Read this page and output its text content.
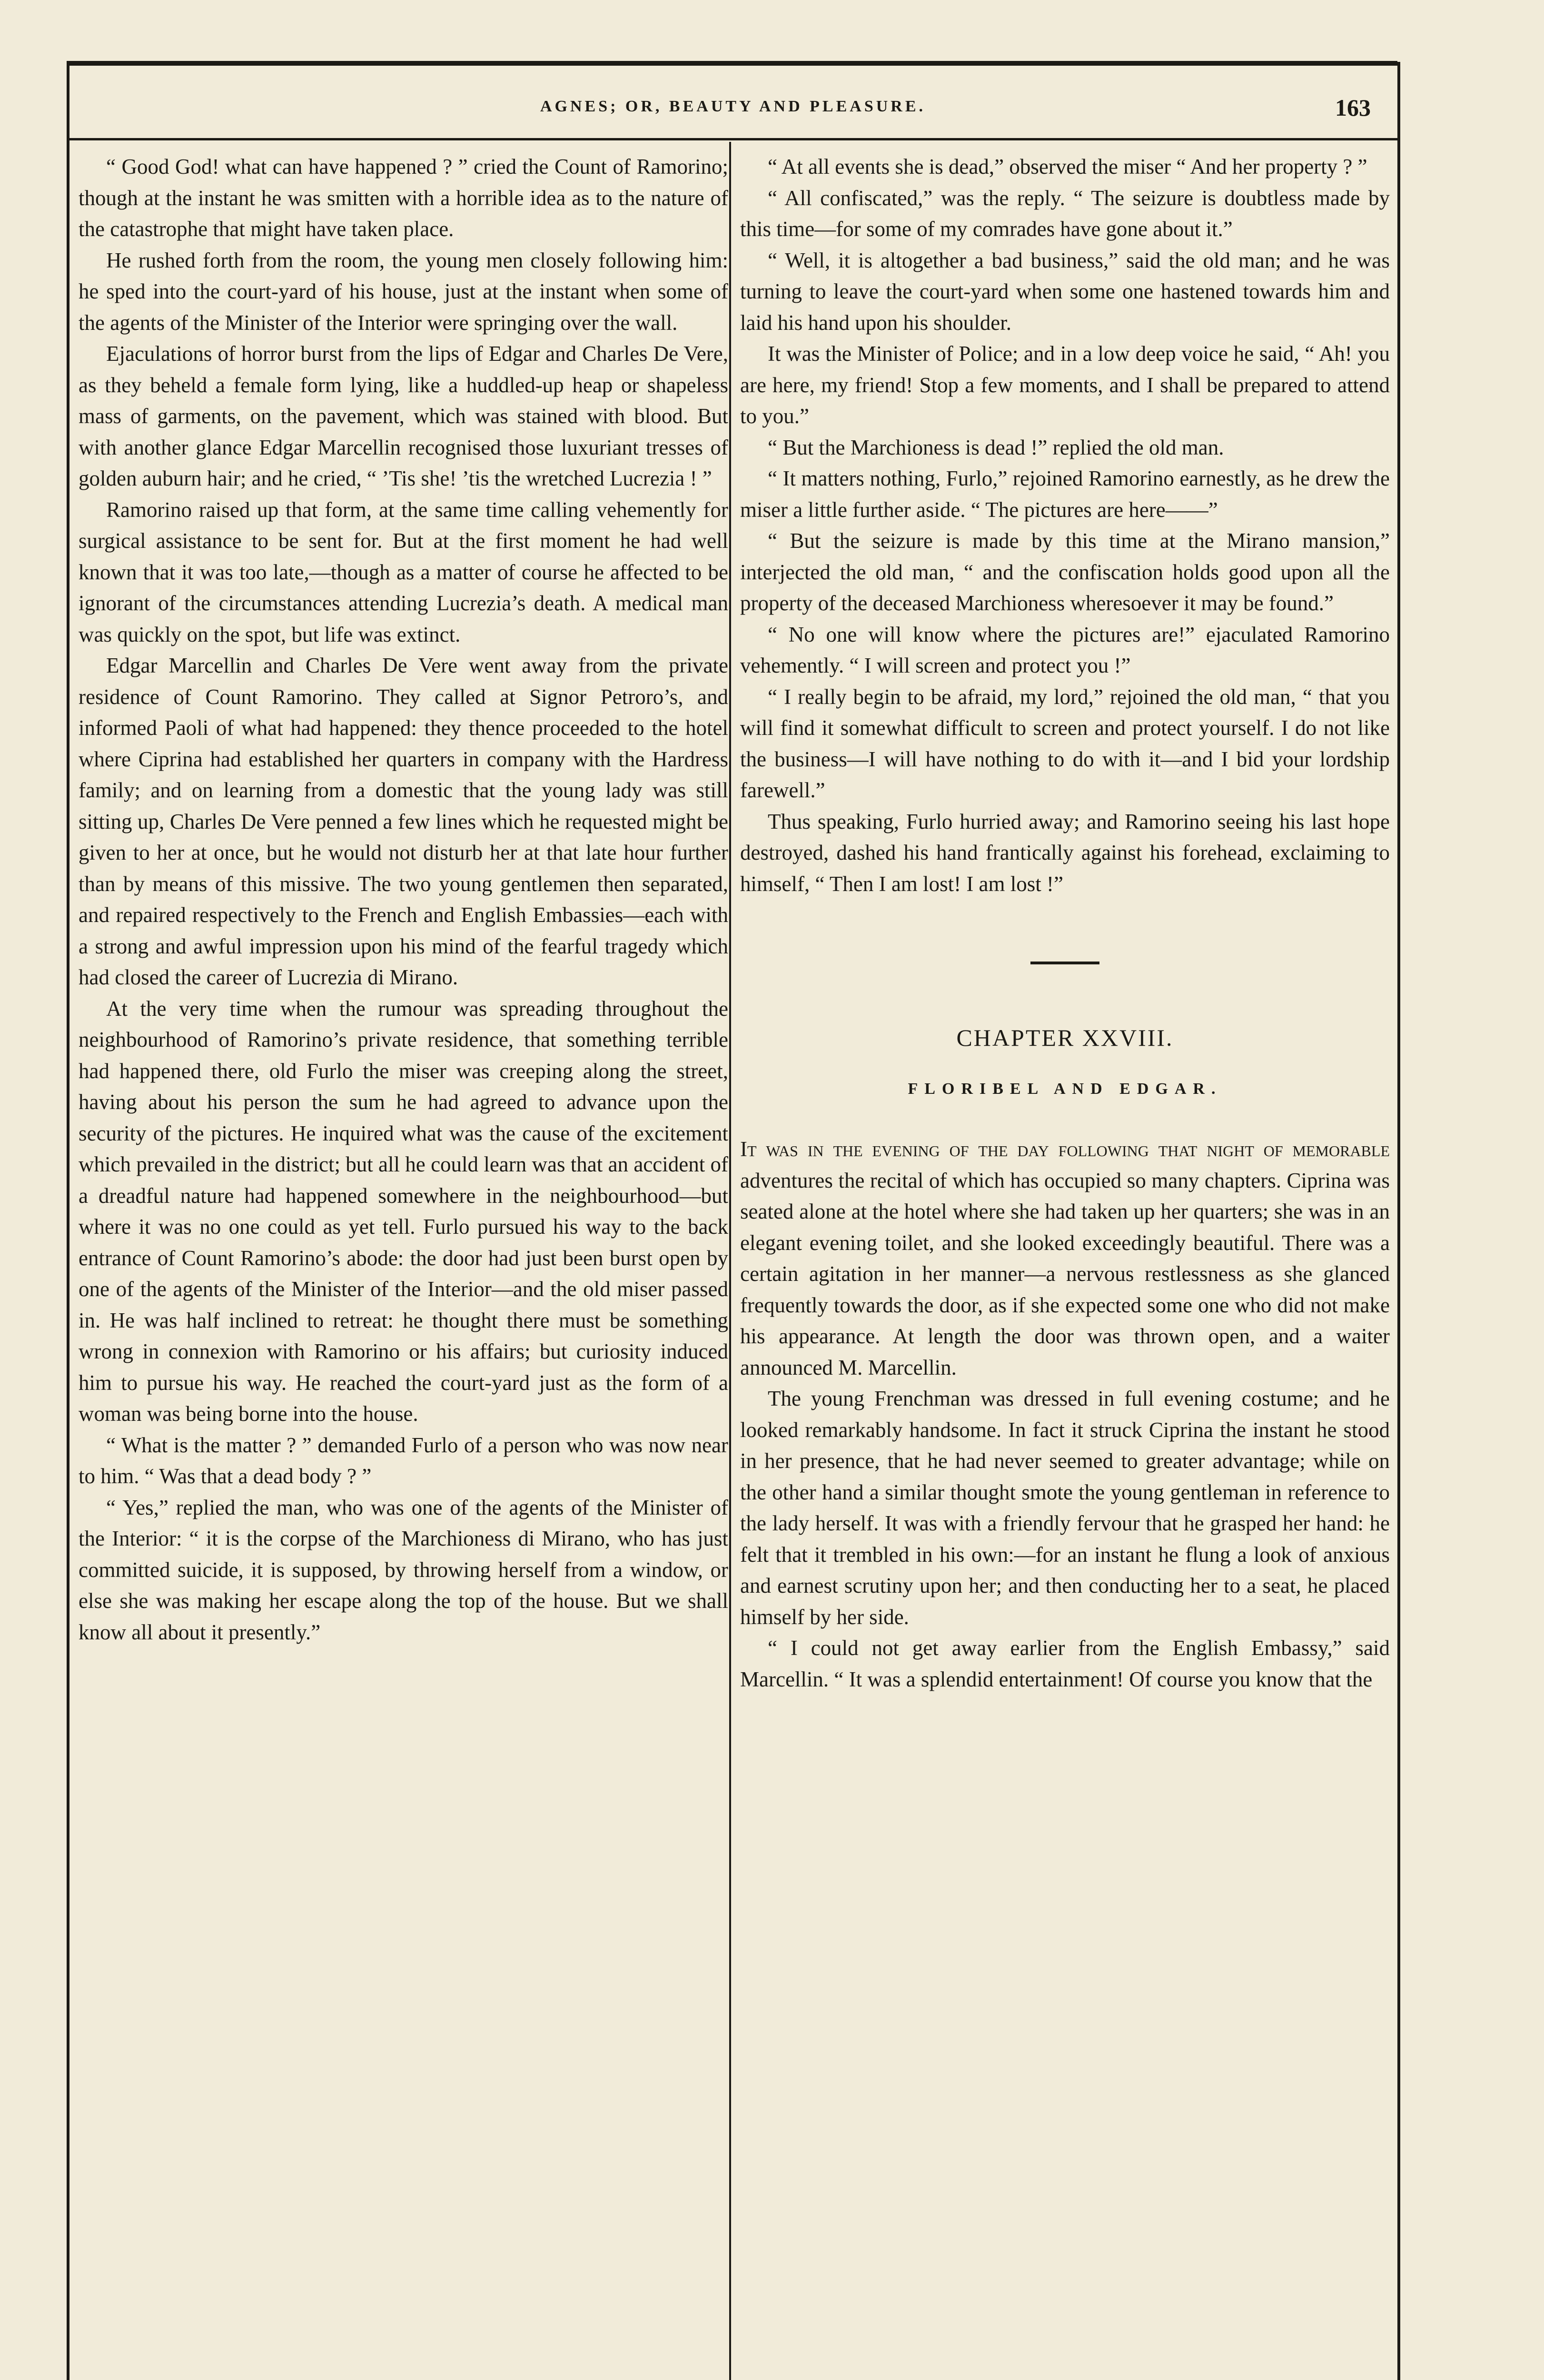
AGNES; OR, BEAUTY AND PLEASURE.	163

“ Good God! what can have happened ? ” cried the Count of Ramorino; though at the instant he was smitten with a horrible idea as to the nature of the catastrophe that might have taken place.

He rushed forth from the room, the young men closely following him: he sped into the court-yard of his house, just at the instant when some of the agents of the Minister of the Interior were springing over the wall.

Ejaculations of horror burst from the lips of Edgar and Charles De Vere, as they beheld a female form lying, like a huddled-up heap or shapeless mass of garments, on the pavement, which was stained with blood. But with another glance Edgar Marcellin recognised those luxuriant tresses of golden auburn hair; and he cried, “ ’Tis she! ’tis the wretched Lucrezia ! ”

Ramorino raised up that form, at the same time calling vehemently for surgical assistance to be sent for. But at the first moment he had well known that it was too late,—though as a matter of course he affected to be ignorant of the circumstances attending Lucrezia’s death. A medical man was quickly on the spot, but life was extinct.

Edgar Marcellin and Charles De Vere went away from the private residence of Count Ramorino. They called at Signor Petroro’s, and informed Paoli of what had happened: they thence proceeded to the hotel where Ciprina had established her quarters in company with the Hardress family; and on learning from a domestic that the young lady was still sitting up, Charles De Vere penned a few lines which he requested might be given to her at once, but he would not disturb her at that late hour further than by means of this missive. The two young gentlemen then separated, and repaired respectively to the French and English Embassies—each with a strong and awful impression upon his mind of the fearful tragedy which had closed the career of Lucrezia di Mirano.

At the very time when the rumour was spreading throughout the neighbourhood of Ramorino’s private residence, that something terrible had happened there, old Furlo the miser was creeping along the street, having about his person the sum he had agreed to advance upon the security of the pictures. He inquired what was the cause of the excitement which prevailed in the district; but all he could learn was that an accident of a dreadful nature had happened somewhere in the neighbourhood—but where it was no one could as yet tell. Furlo pursued his way to the back entrance of Count Ramorino’s abode: the door had just been burst open by one of the agents of the Minister of the Interior—and the old miser passed in. He was half inclined to retreat: he thought there must be something wrong in connexion with Ramorino or his affairs; but curiosity induced him to pursue his way. He reached the court-yard just as the form of a woman was being borne into the house.

“ What is the matter ? ” demanded Furlo of a person who was now near to him. “ Was that a dead body ? ”

“ Yes,” replied the man, who was one of the agents of the Minister of the Interior: “ it is the corpse of the Marchioness di Mirano, who has just committed suicide, it is supposed, by throwing herself from a window, or else she was making her escape along the top of the house. But we shall know all about it presently.”

“ At all events she is dead,” observed the miser “ And her property ? ”

“ All confiscated,” was the reply. “ The seizure is doubtless made by this time—for some of my comrades have gone about it.”

“ Well, it is altogether a bad business,” said the old man; and he was turning to leave the court-yard when some one hastened towards him and laid his hand upon his shoulder.

It was the Minister of Police; and in a low deep voice he said, “ Ah! you are here, my friend! Stop a few moments, and I shall be prepared to attend to you.”

“ But the Marchioness is dead !” replied the old man.

“ It matters nothing, Furlo,” rejoined Ramorino earnestly, as he drew the miser a little further aside. “ The pictures are here——”

“ But the seizure is made by this time at the Mirano mansion,” interjected the old man, “ and the confiscation holds good upon all the property of the deceased Marchioness wheresoever it may be found.”

“ No one will know where the pictures are!” ejaculated Ramorino vehemently. “ I will screen and protect you !”

“ I really begin to be afraid, my lord,” rejoined the old man, “ that you will find it somewhat difficult to screen and protect yourself. I do not like the business—I will have nothing to do with it—and I bid your lordship farewell.”

Thus speaking, Furlo hurried away; and Ramorino seeing his last hope destroyed, dashed his hand frantically against his forehead, exclaiming to himself, “ Then I am lost! I am lost !”

CHAPTER XXVIII.
FLORIBEL AND EDGAR.

It was in the evening of the day following that night of memorable adventures the recital of which has occupied so many chapters. Ciprina was seated alone at the hotel where she had taken up her quarters; she was in an elegant evening toilet, and she looked exceedingly beautiful. There was a certain agitation in her manner—a nervous restlessness as she glanced frequently towards the door, as if she expected some one who did not make his appearance. At length the door was thrown open, and a waiter announced M. Marcellin.

The young Frenchman was dressed in full evening costume; and he looked remarkably handsome. In fact it struck Ciprina the instant he stood in her presence, that he had never seemed to greater advantage; while on the other hand a similar thought smote the young gentleman in reference to the lady herself. It was with a friendly fervour that he grasped her hand: he felt that it trembled in his own:—for an instant he flung a look of anxious and earnest scrutiny upon her; and then conducting her to a seat, he placed himself by her side.

“ I could not get away earlier from the English Embassy,” said Marcellin. “ It was a splendid entertainment! Of course you know that the
